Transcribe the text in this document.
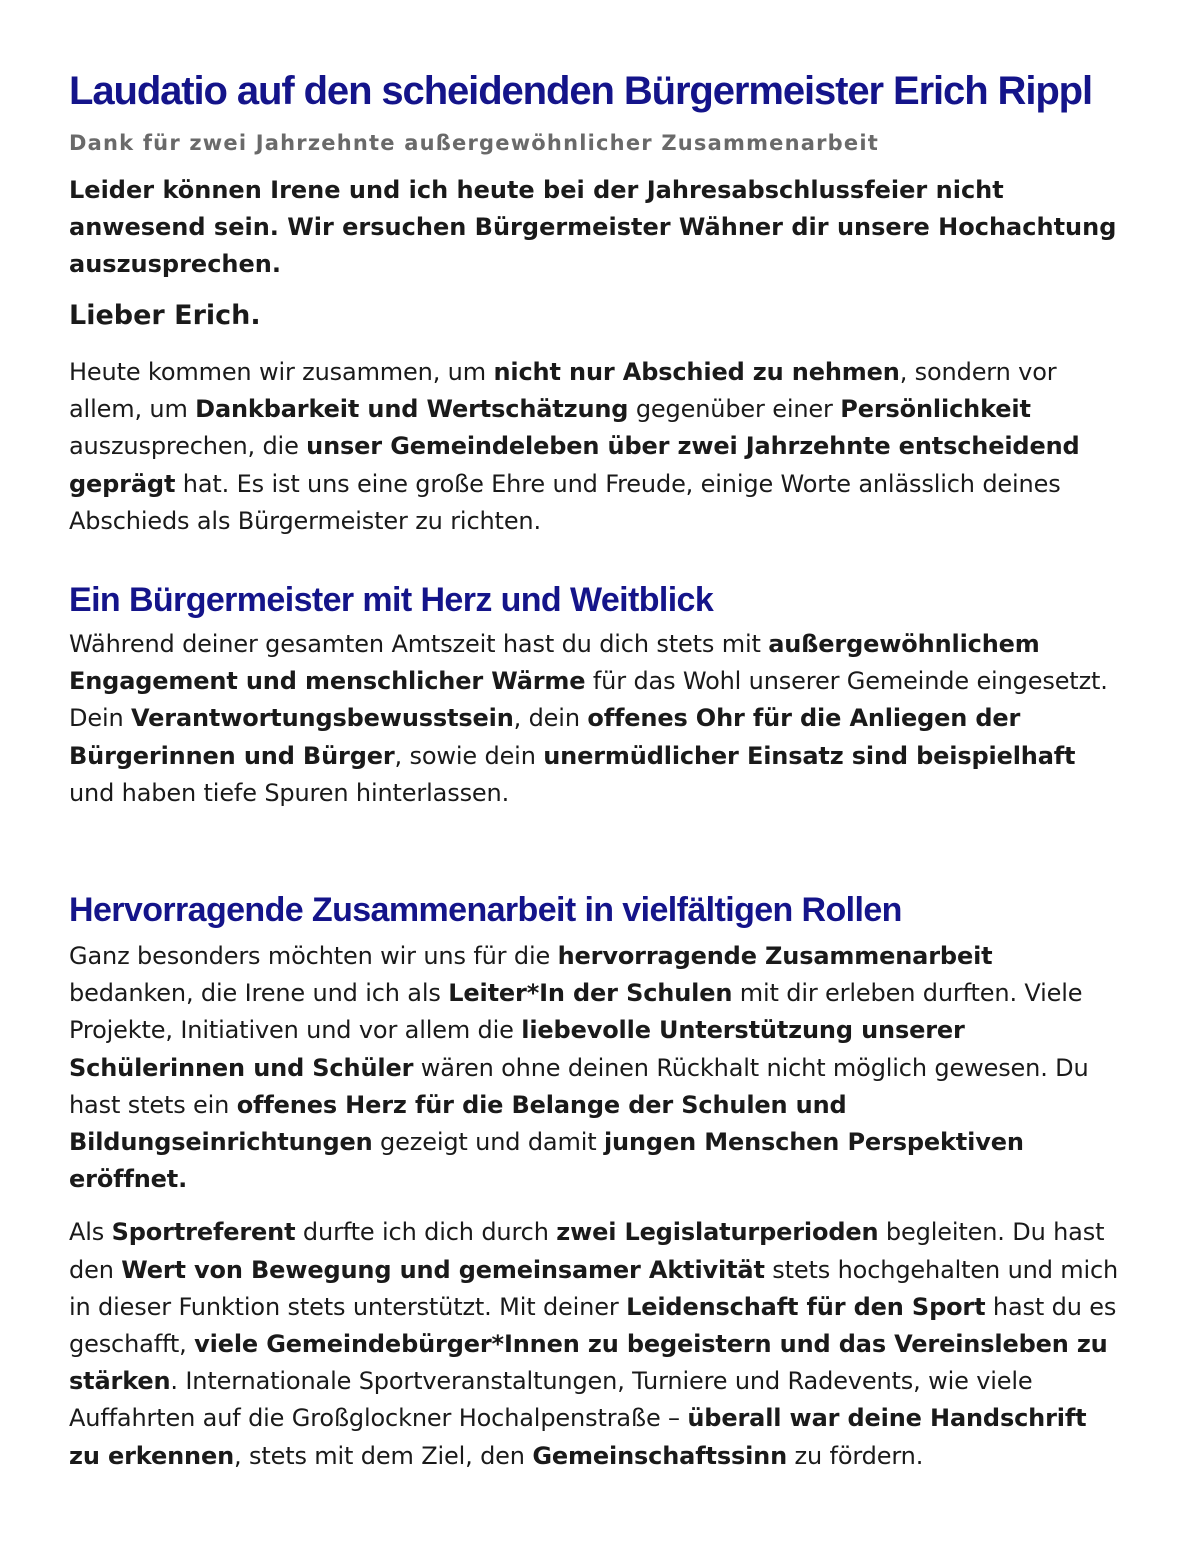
Laudatio auf den scheidenden Bürgermeister Erich Rippl
Dank für zwei Jahrzehnte außergewöhnlicher Zusammenarbeit

Leider können Irene und ich heute bei der Jahresabschlussfeier nicht anwesend sein. Wir ersuchen Bürgermeister Wähner dir unsere Hochachtung auszusprechen.

Lieber Erich.

Heute kommen wir zusammen, um nicht nur Abschied zu nehmen, sondern vor allem, um Dankbarkeit und Wertschätzung gegenüber einer Persönlichkeit auszusprechen, die unser Gemeindeleben über zwei Jahrzehnte entscheidend geprägt hat. Es ist uns eine große Ehre und Freude, einige Worte anlässlich deines Abschieds als Bürgermeister zu richten.

Ein Bürgermeister mit Herz und Weitblick

Während deiner gesamten Amtszeit hast du dich stets mit außergewöhnlichem Engagement und menschlicher Wärme für das Wohl unserer Gemeinde eingesetzt. Dein Verantwortungsbewusstsein, dein offenes Ohr für die Anliegen der Bürgerinnen und Bürger, sowie dein unermüdlicher Einsatz sind beispielhaft und haben tiefe Spuren hinterlassen.

Hervorragende Zusammenarbeit in vielfältigen Rollen

Ganz besonders möchten wir uns für die hervorragende Zusammenarbeit bedanken, die Irene und ich als Leiter*In der Schulen mit dir erleben durften. Viele Projekte, Initiativen und vor allem die liebevolle Unterstützung unserer Schülerinnen und Schüler wären ohne deinen Rückhalt nicht möglich gewesen. Du hast stets ein offenes Herz für die Belange der Schulen und Bildungseinrichtungen gezeigt und damit jungen Menschen Perspektiven eröffnet.

Als Sportreferent durfte ich dich durch zwei Legislaturperioden begleiten. Du hast den Wert von Bewegung und gemeinsamer Aktivität stets hochgehalten und mich in dieser Funktion stets unterstützt. Mit deiner Leidenschaft für den Sport hast du es geschafft, viele Gemeindebürger*Innen zu begeistern und das Vereinsleben zu stärken. Internationale Sportveranstaltungen, Turniere und Radevents, wie viele Auffahrten auf die Großglockner Hochalpenstraße – überall war deine Handschrift zu erkennen, stets mit dem Ziel, den Gemeinschaftssinn zu fördern.
